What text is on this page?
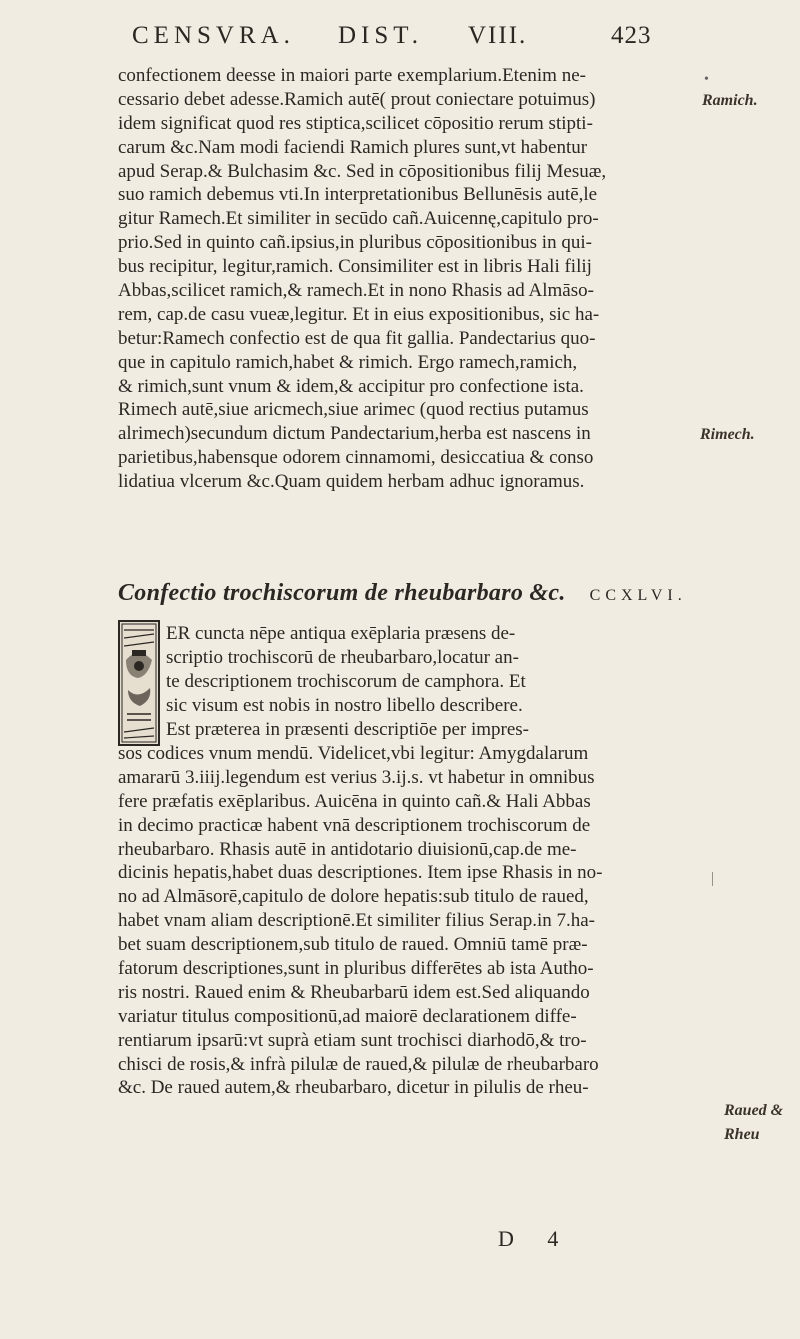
CENSVRA. DIST. VIII.	423
•
confectionem deesse in maiori parte exemplarium.Etenim ne-
cessario debet adesse.Ramich autē( prout coniectare potuimus)
idem significat quod res stiptica,scilicet cōpositio rerum stipti-
carum &c.Nam modi faciendi Ramich plures sunt,vt habentur
apud Serap.& Bulchasim &c. Sed in cōpositionibus filij Mesuæ,
suo ramich debemus vti.In interpretationibus Bellunēsis autē,le
gitur Ramech.Et similiter in secūdo cañ.Auicennę,capitulo pro-
prio.Sed in quinto cañ.ipsius,in pluribus cōpositionibus in qui-
bus recipitur, legitur,ramich. Consimiliter est in libris Hali filij
Abbas,scilicet ramich,& ramech.Et in nono Rhasis ad Almāso-
rem, cap.de casu vueæ,legitur. Et in eius expositionibus, sic ha-
betur:Ramech confectio est de qua fit gallia. Pandectarius quo-
que in capitulo ramich,habet & rimich. Ergo ramech,ramich,
& rimich,sunt vnum & idem,& accipitur pro confectione ista.
Rimech autē,siue aricmech,siue arimec (quod rectius putamus
alrimech)secundum dictum Pandectarium,herba est nascens in
parietibus,habensque odorem cinnamomi, desiccatiua & conso
lidatiua vlcerum &c.Quam quidem herbam adhuc ignoramus.
Ramich.
Rimech.
Confectio trochiscorum de rheubarbaro &c. CCXLVI.
ER cuncta nēpe antiqua exēplaria præsens de-
scriptio trochiscorū de rheubarbaro,locatur an-
te descriptionem trochiscorum de camphora. Et
sic visum est nobis in nostro libello describere.
Est præterea in præsenti descriptiōe per impres-
sos codices vnum mendū. Videlicet,vbi legitur: Amygdalarum
amararū 3.iiij.legendum est verius 3.ij.s. vt habetur in omnibus
fere præfatis exēplaribus. Auicēna in quinto cañ.& Hali Abbas
in decimo practicæ habent vnā descriptionem trochiscorum de
rheubarbaro. Rhasis autē in antidotario diuisionū,cap.de me-
dicinis hepatis,habet duas descriptiones. Item ipse Rhasis in no-
no ad Almāsorē,capitulo de dolore hepatis:sub titulo de raued,
habet vnam aliam descriptionē.Et similiter filius Serap.in 7.ha-
bet suam descriptionem,sub titulo de raued. Omniū tamē præ-
fatorum descriptiones,sunt in pluribus differētes ab ista Autho-
ris nostri. Raued enim & Rheubarbarū idem est.Sed aliquando
variatur titulus compositionū,ad maiorē declarationem diffe-
rentiarum ipsarū:vt suprà etiam sunt trochisci diarhodō,& tro-
chisci de rosis,& infrà pilulæ de raued,& pilulæ de rheubarbaro
&c. De raued autem,& rheubarbaro, dicetur in pilulis de rheu-
Raued &
Rheu
D 4
